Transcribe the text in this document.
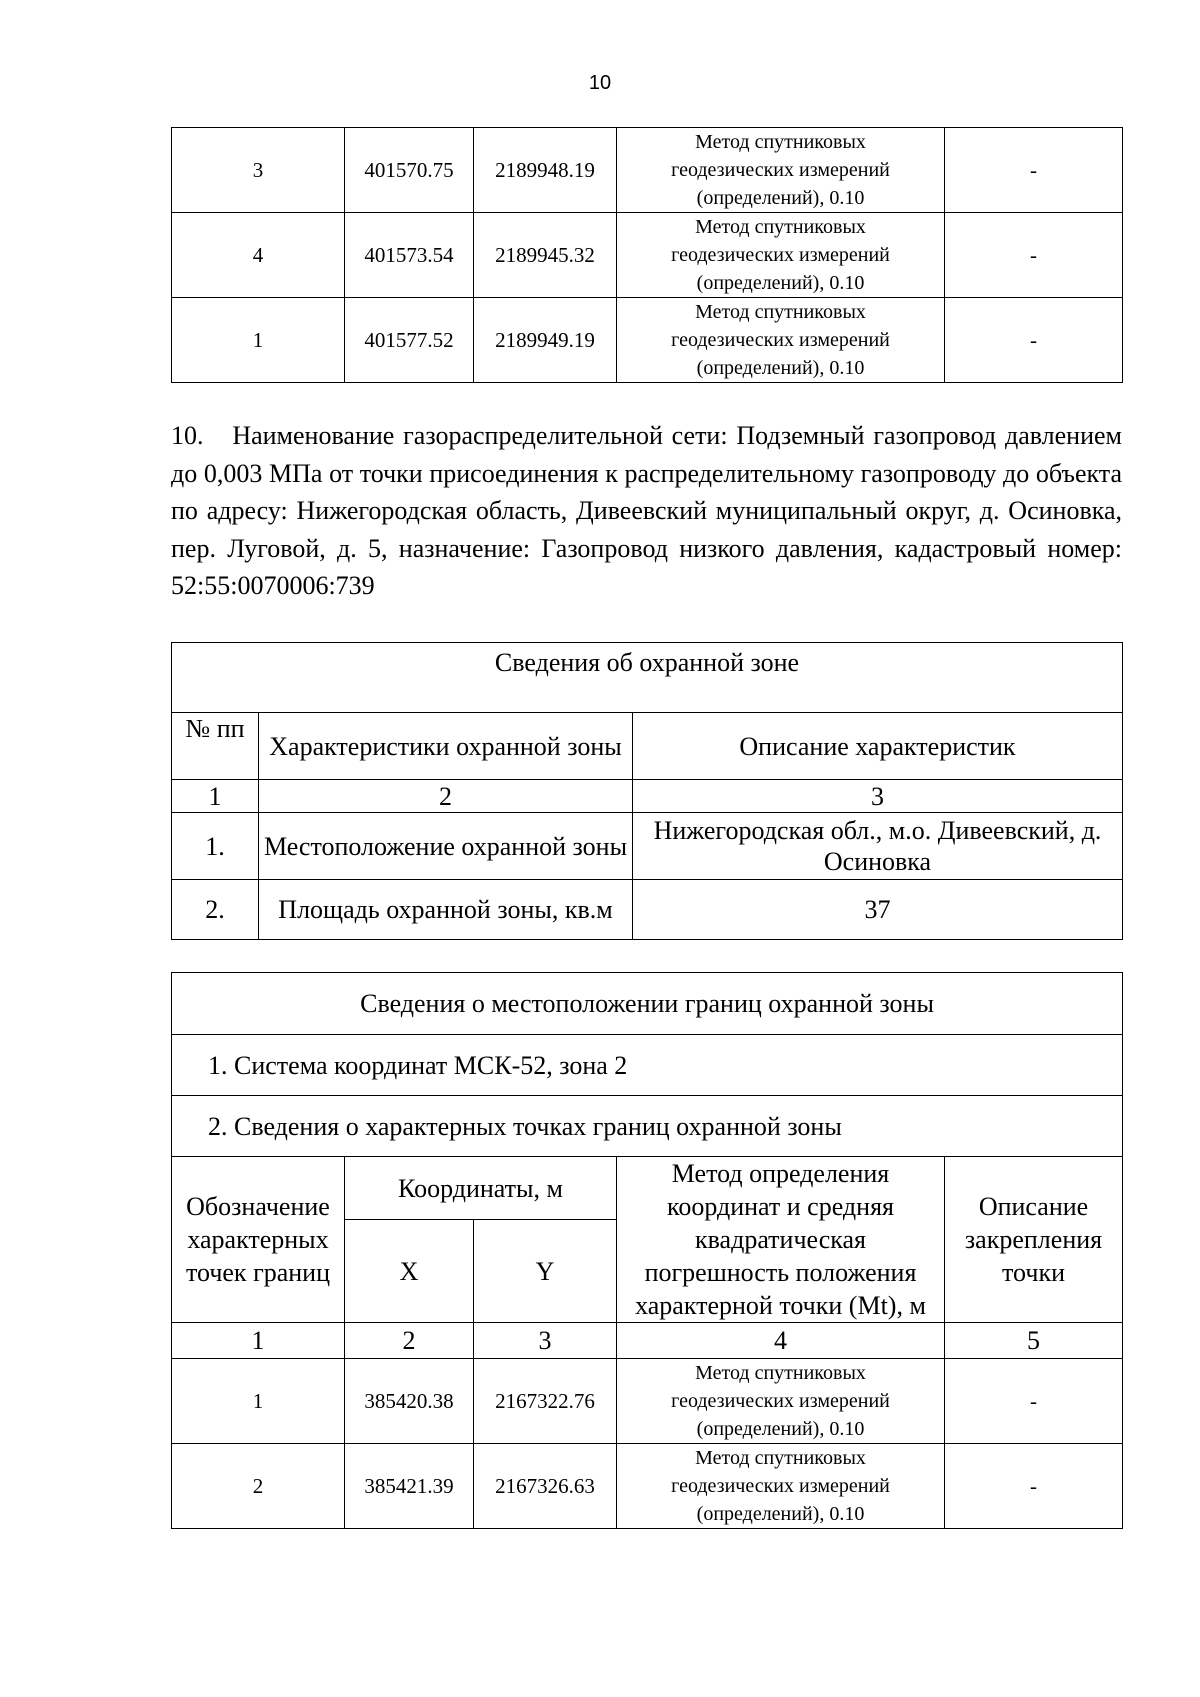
10
3	401570.75	2189948.19	Метод спутниковых
геодезических измерений
(определений), 0.10	-
4	401573.54	2189945.32	Метод спутниковых
геодезических измерений
(определений), 0.10	-
1	401577.52	2189949.19	Метод спутниковых
геодезических измерений
(определений), 0.10	-

10. Наименование газораспределительной сети: Подземный газопровод давлением до 0,003 МПа от точки присоединения к распределительному газопроводу до объекта по адресу: Нижегородская область, Дивеевский муниципальный округ, д. Осиновка, пер. Луговой, д. 5, назначение: Газопровод низкого давления, кадастровый номер: 52:55:0070006:739

Сведения об охранной зоне		
№ пп	Характеристики охранной зоны	Описание характеристик
1	2	3
1.	Местоположение охранной зоны	Нижегородская обл., м.о. Дивеевский, д. Осиновка
2.	Площадь охранной зоны, кв.м	37
Сведения о местоположении границ охранной зоны				
1. Система координат МСК-52, зона 2				
2. Сведения о характерных точках границ охранной зоны				
Обозначение характерных точек границ	Координаты, м		Метод определения координат и средняя квадратическая погрешность положения характерной точки (Mt), м	Описание закрепления точки
	X	Y		
1	2	3	4	5
1	385420.38	2167322.76	Метод спутниковых
геодезических измерений
(определений), 0.10	-
2	385421.39	2167326.63	Метод спутниковых
геодезических измерений
(определений), 0.10	-
